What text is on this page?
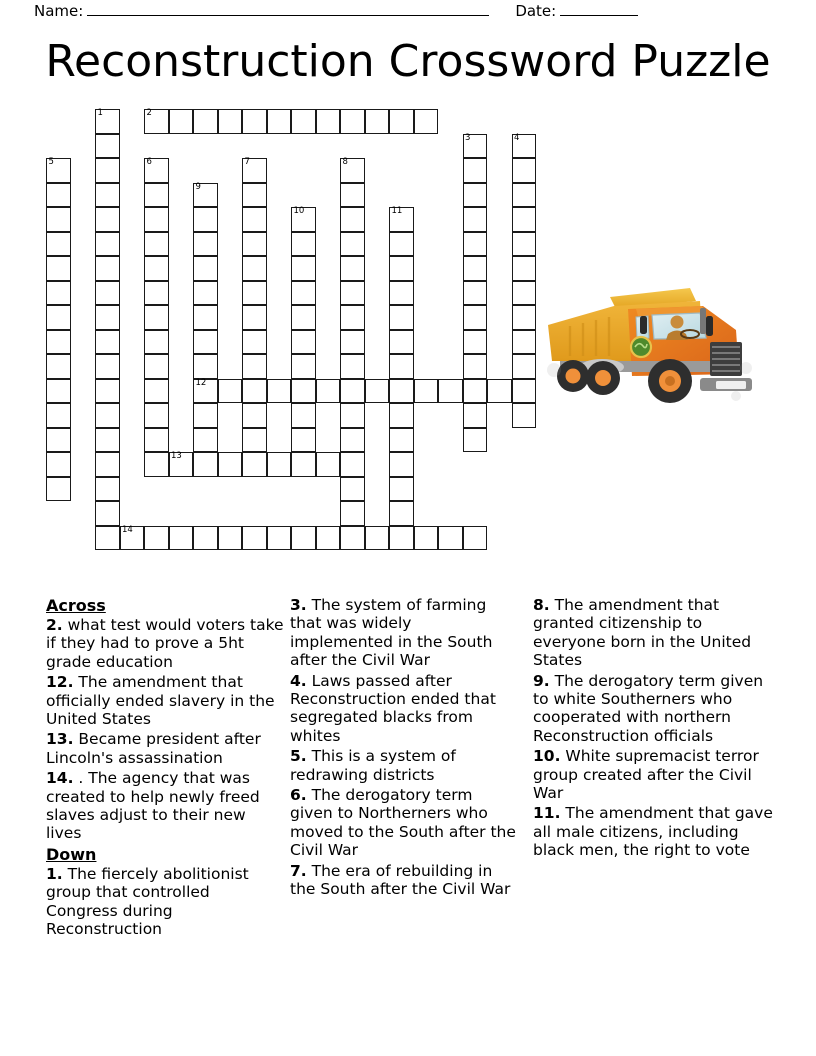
Name:	Date:
Reconstruction Crossword Puzzle
1	2
3	4
5	6	7	8
9
12
10	11
13
14
Across
2. what test would voters take if they had to prove a 5ht grade education
12. The amendment that officially ended slavery in the United States
13. Became president after Lincoln's assassination
14. . The agency that was created to help newly freed slaves adjust to their new lives
Down
1. The fiercely abolitionist group that controlled Congress during Reconstruction
3. The system of farming that was widely implemented in the South after the Civil War
4. Laws passed after Reconstruction ended that segregated blacks from whites
5. This is a system of redrawing districts
6. The derogatory term given to Northerners who moved to the South after the Civil War
7. The era of rebuilding in the South after the Civil War
8. The amendment that granted citizenship to everyone born in the United States
9. The derogatory term given to white Southerners who cooperated with northern Reconstruction officials
10. White supremacist terror group created after the Civil War
11. The amendment that gave all male citizens, including black men, the right to vote
